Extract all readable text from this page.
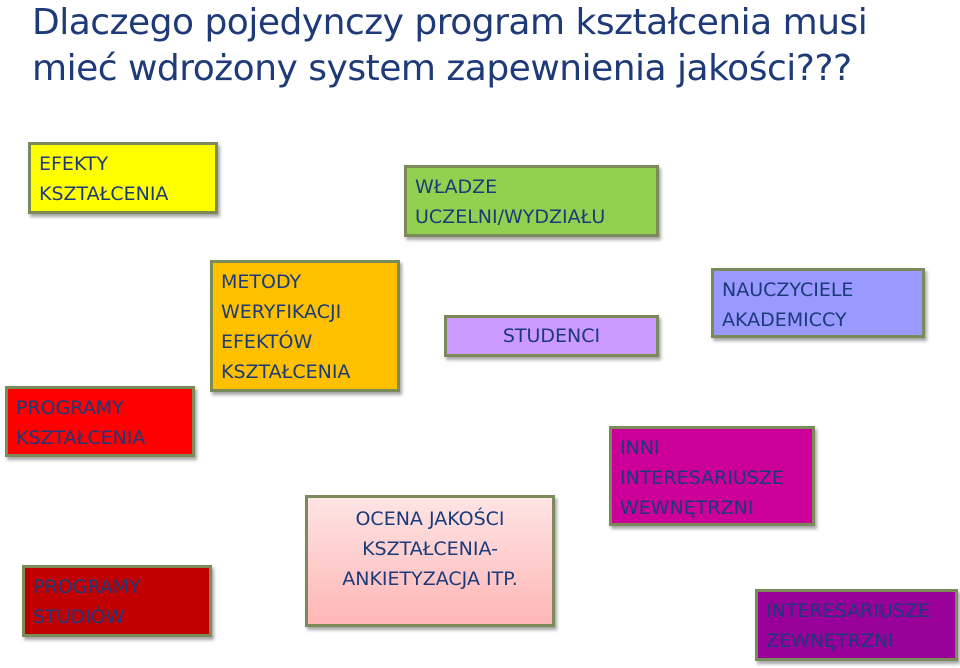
Dlaczego pojedynczy program kształcenia musi
mieć wdrożony system zapewnienia jakości???
EFEKTY
KSZTAŁCENIA	WŁADZE
UCZELNI/WYDZIAŁU
METODY
WERYFIKACJI
EFEKTÓW
KSZTAŁCENIA
STUDENCI
NAUCZYCIELE
AKADEMICCY
PROGRAMY
KSZTAŁCENIA	INNI
INTERESARIUSZE
WEWNĘTRZNI
OCENA JAKOŚCI
KSZTAŁCENIA-
ANKIETYZACJA ITP.
PROGRAMY
STUDIÓW	INTERESARIUSZE
ZEWNĘTRZNI
